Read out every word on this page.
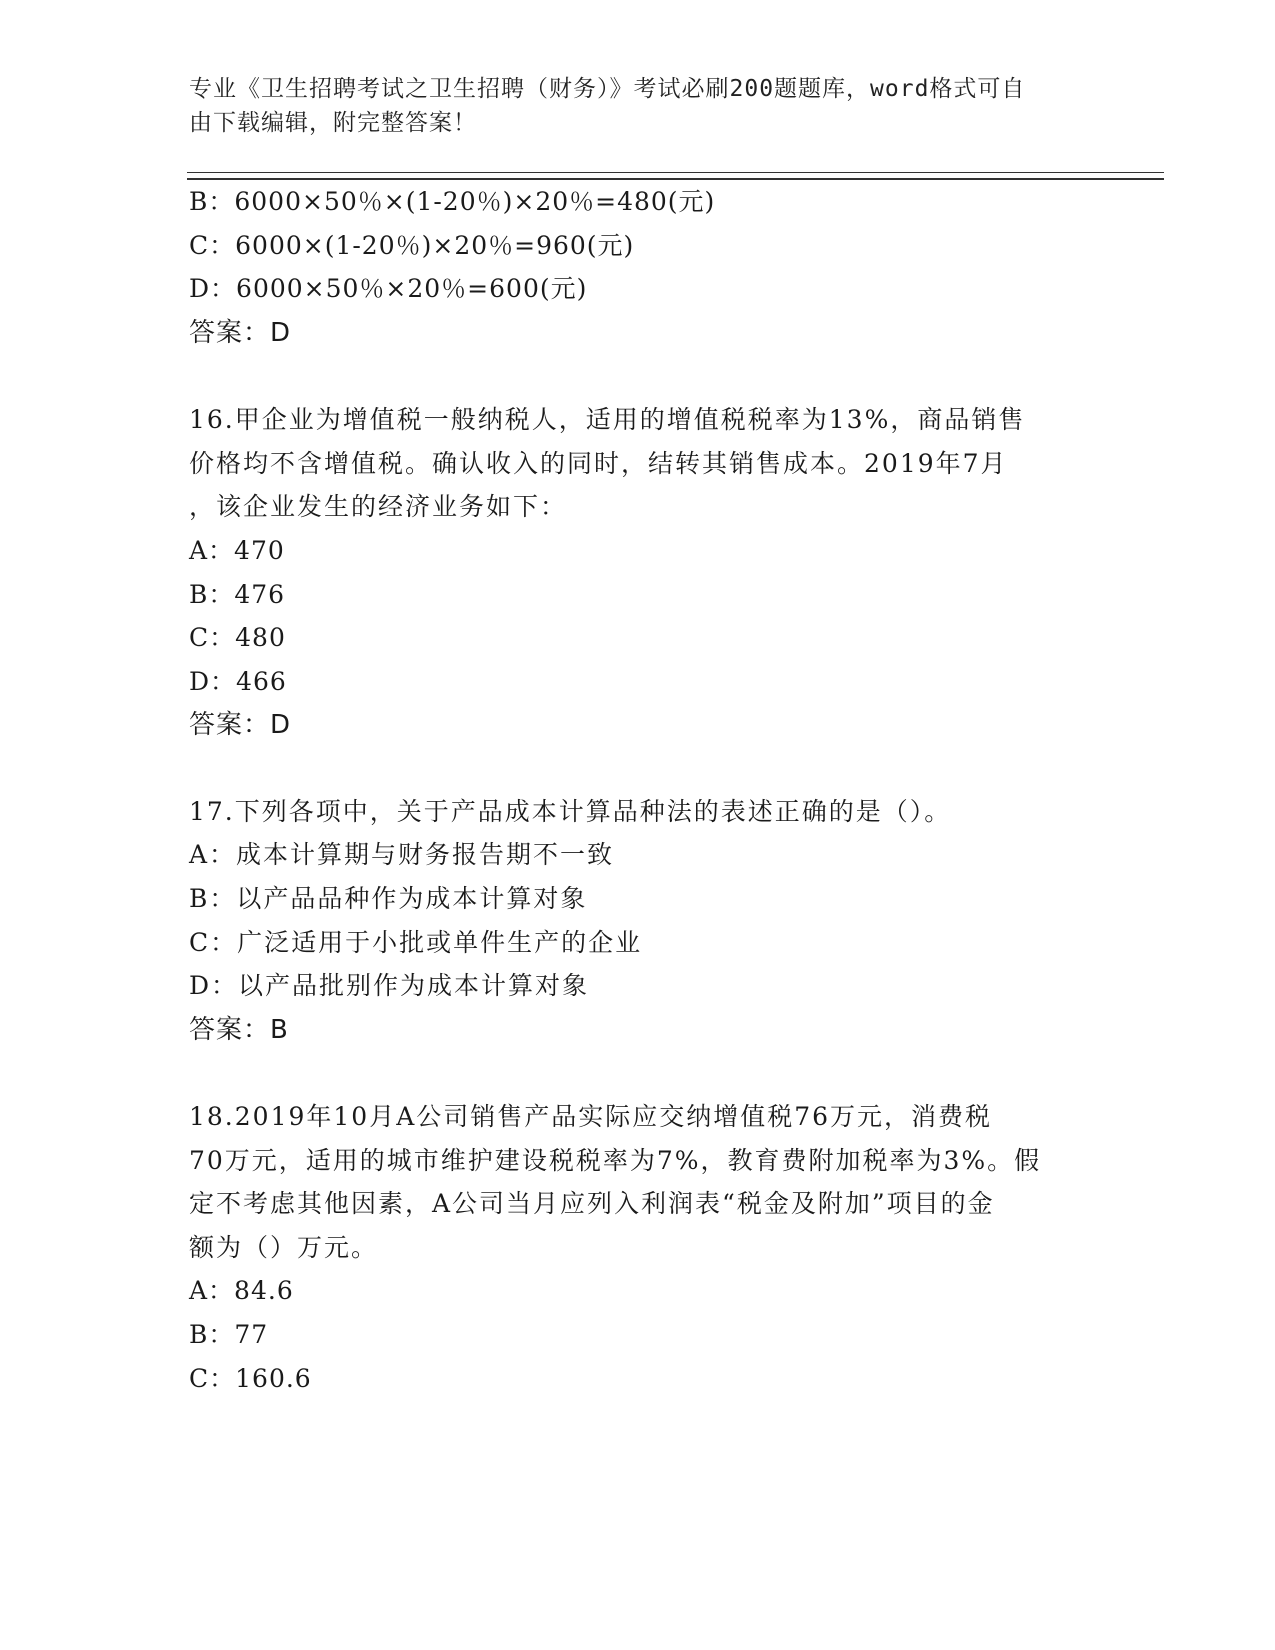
专业《卫生招聘考试之卫生招聘（财务）》考试必刷200题题库，word格式可自
由下载编辑，附完整答案！
B：6000×50％×(1-20％)×20％=480(元)
C：6000×(1-20％)×20％=960(元)
D：6000×50％×20％=600(元)
答案：D
16.甲企业为增值税一般纳税人，适用的增值税税率为13%，商品销售
价格均不含增值税。确认收入的同时，结转其销售成本。2019年7月
，该企业发生的经济业务如下：
A：470
B：476
C：480
D：466
答案：D
17.下列各项中，关于产品成本计算品种法的表述正确的是（）。
A：成本计算期与财务报告期不一致
B：以产品品种作为成本计算对象
C：广泛适用于小批或单件生产的企业
D：以产品批别作为成本计算对象
答案：B
18.2019年10月A公司销售产品实际应交纳增值税76万元，消费税
70万元，适用的城市维护建设税税率为7%，教育费附加税率为3%。假
定不考虑其他因素，A公司当月应列入利润表“税金及附加”项目的金
额为（）万元。
A：84.6
B：77
C：160.6
